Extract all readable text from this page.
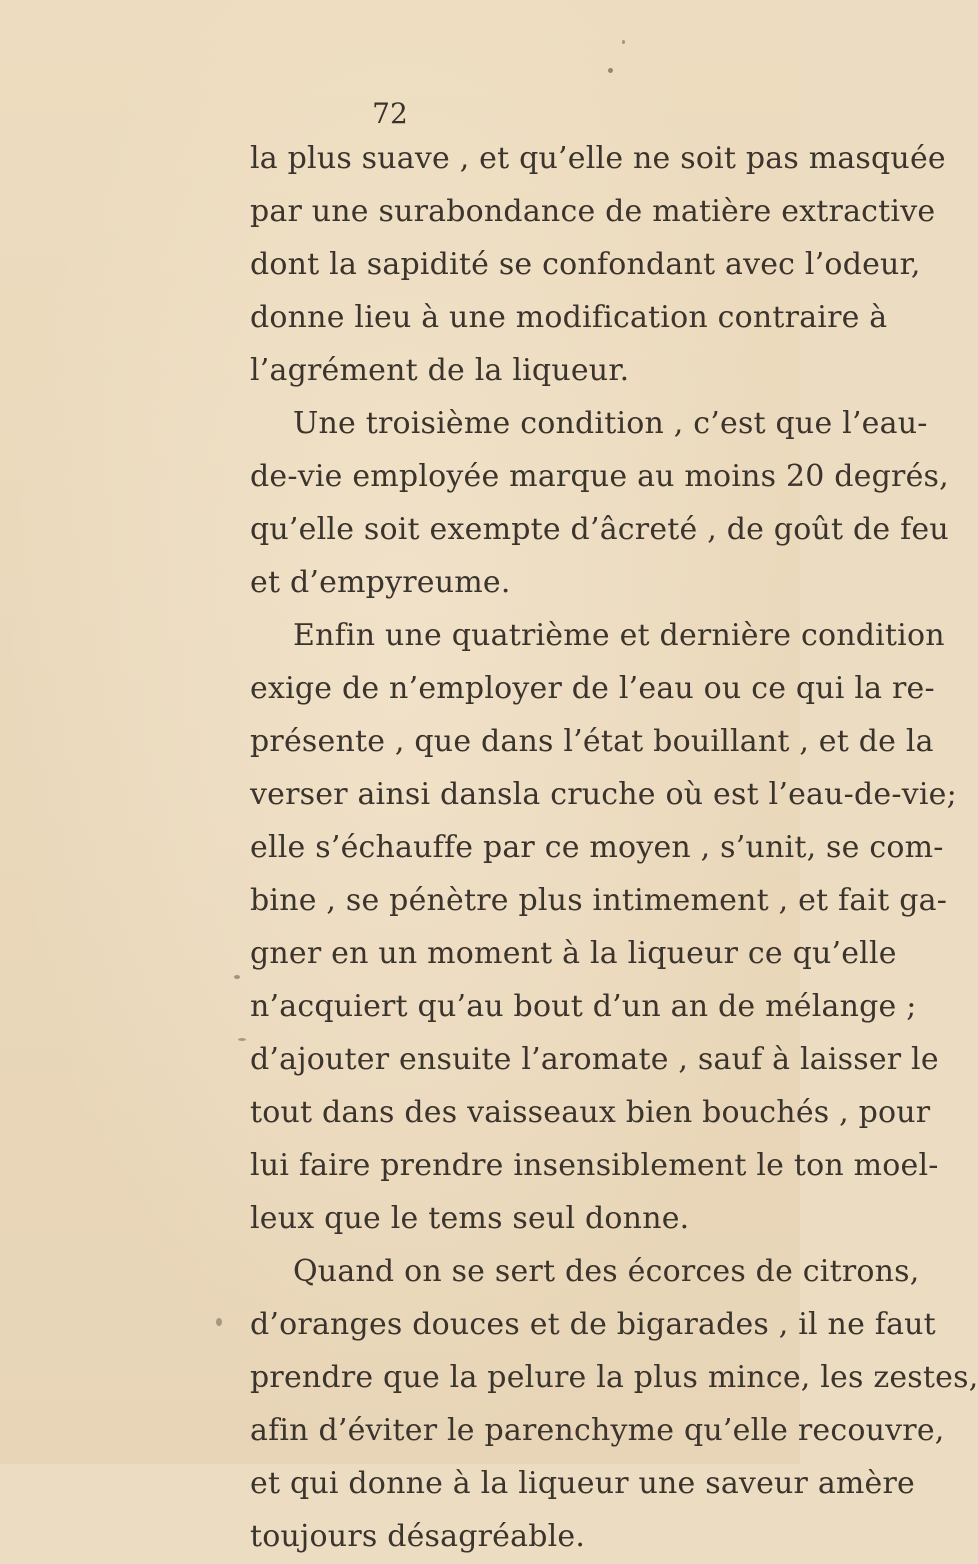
72
la plus suave , et qu’elle ne soit pas masquée
par une surabondance de matière extractive
dont la sapidité se confondant avec l’odeur,
donne lieu à une modification contraire à
l’agrément de la liqueur.
Une troisième condition , c’est que l’eau-
de-vie employée marque au moins 20 degrés,
qu’elle soit exempte d’âcreté , de goût de feu
et d’empyreume.
Enfin une quatrième et dernière condition
exige de n’employer de l’eau ou ce qui la re-
présente , que dans l’état bouillant , et de la
verser ainsi dansla cruche où est l’eau-de-vie;
elle s’échauffe par ce moyen , s’unit, se com-
bine , se pénètre plus intimement , et fait ga-
gner en un moment à la liqueur ce qu’elle
n’acquiert qu’au bout d’un an de mélange ;
d’ajouter ensuite l’aromate , sauf à laisser le
tout dans des vaisseaux bien bouchés , pour
lui faire prendre insensiblement le ton moel-
leux que le tems seul donne.
Quand on se sert des écorces de citrons,
d’oranges douces et de bigarades , il ne faut
prendre que la pelure la plus mince, les zestes,
afin d’éviter le parenchyme qu’elle recouvre,
et qui donne à la liqueur une saveur amère
toujours désagréable.
